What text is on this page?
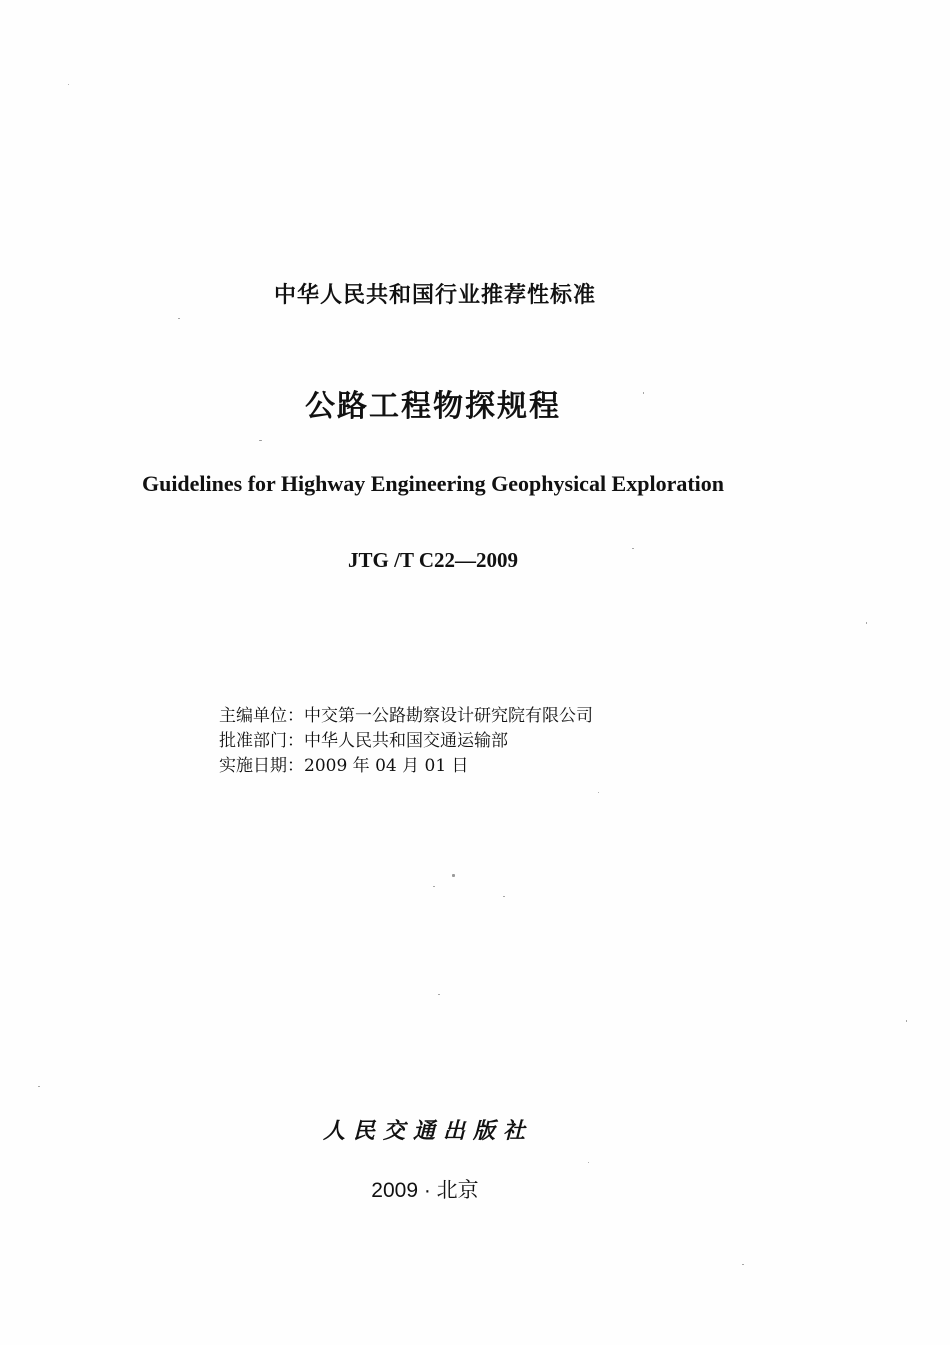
中华人民共和国行业推荐性标准
公路工程物探规程
Guidelines for Highway Engineering Geophysical Exploration
JTG /T C22—2009
主编单位：中交第一公路勘察设计研究院有限公司
批准部门：中华人民共和国交通运输部
实施日期：2009 年 04 月 01 日
人民交通出版社
2009 · 北京
